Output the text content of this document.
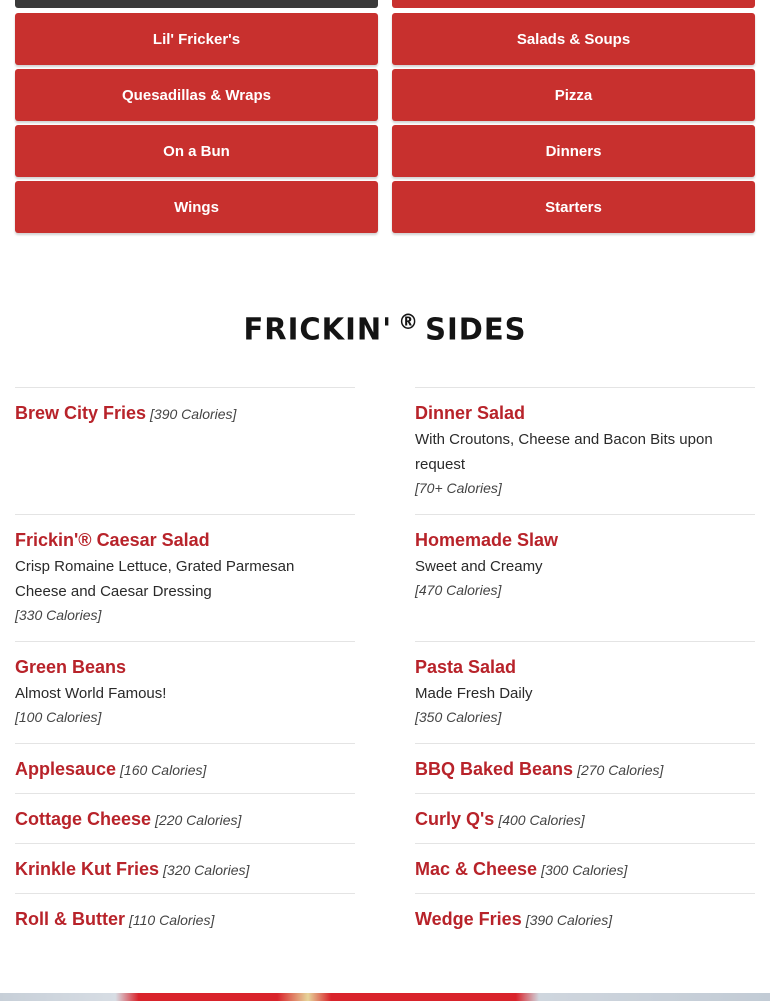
Lil' Fricker's
Quesadillas & Wraps
On a Bun
Wings
Salads & Soups
Pizza
Dinners
Starters
FRICKIN' ® SIDES
Brew City Fries [390 Calories]
Frickin'® Caesar Salad
Crisp Romaine Lettuce, Grated Parmesan Cheese and Caesar Dressing
[330 Calories]
Green Beans
Almost World Famous!
[100 Calories]
Applesauce [160 Calories]
Cottage Cheese [220 Calories]
Krinkle Kut Fries [320 Calories]
Roll & Butter [110 Calories]
Dinner Salad
With Croutons, Cheese and Bacon Bits upon request
[70+ Calories]
Homemade Slaw
Sweet and Creamy
[470 Calories]
Pasta Salad
Made Fresh Daily
[350 Calories]
BBQ Baked Beans [270 Calories]
Curly Q's [400 Calories]
Mac & Cheese [300 Calories]
Wedge Fries [390 Calories]
